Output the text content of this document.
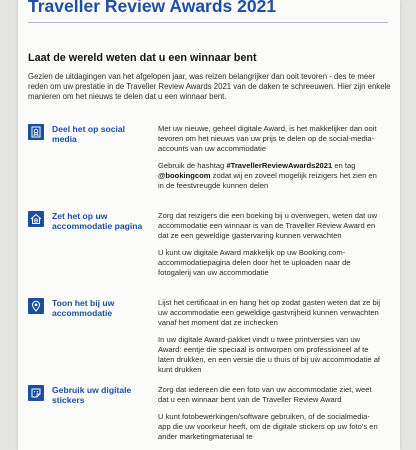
Traveller Review Awards 2021
Laat de wereld weten dat u een winnaar bent
Gezien de uitdagingen van het afgelopen jaar, was reizen belangrijker dan ooit tevoren - des te meer reden om uw prestatie in de Traveller Review Awards 2021 van de daken te schreeuwen. Hier zijn enkele manieren om het nieuws te delen dat u een winnaar bent.
Deel het op social media

Met uw nieuwe, geheel digitale Award, is het makkelijker dan ooit tevoren om het nieuws van uw prijs te delen op de social-media-accounts van uw accommodatie

Gebruik de hashtag #TravellerReviewAwards2021 en tag @bookingcom zodat wij en zoveel mogelijk reizigers het zien en in de feestvreugde kunnen delen

Zet het op uw accommodatie pagina

Zorg dat reizigers die een boeking bij u overwegen, weten dat uw accommodatie een winnaar is van de Traveller Review Award en dat ze een geweldige gastervaring kunnen verwachten

U kunt uw digitale Award makkelijk op uw Booking.com-accommodatiepagina delen door het te uploaden naar de fotogalerij van uw accommodatie

Toon het bij uw accommodatie

Lijst het certificaat in en hang het op zodat gasten weten dat ze bij uw accommodatie een geweldige gastvrijheid kunnen verwachten vanaf het moment dat ze inchecken

In uw digitale Award-pakket vindt u twee printversies van uw Award: eentje die speciaal is ontworpen om professioneel af te laten drukken, en een versie die u thuis of bij uw accommodatie af kunt drukken

Gebruik uw digitale stickers

Zorg dat iedereen die een foto van uw accommodatie ziet, weet dat u een winnaar bent van de Traveller Review Award

U kunt fotobewerkingen/software gebruiken, of de socialmedia-app die uw voorkeur heeft, om de digitale stickers op uw foto's en ander marketingmateriaal te
